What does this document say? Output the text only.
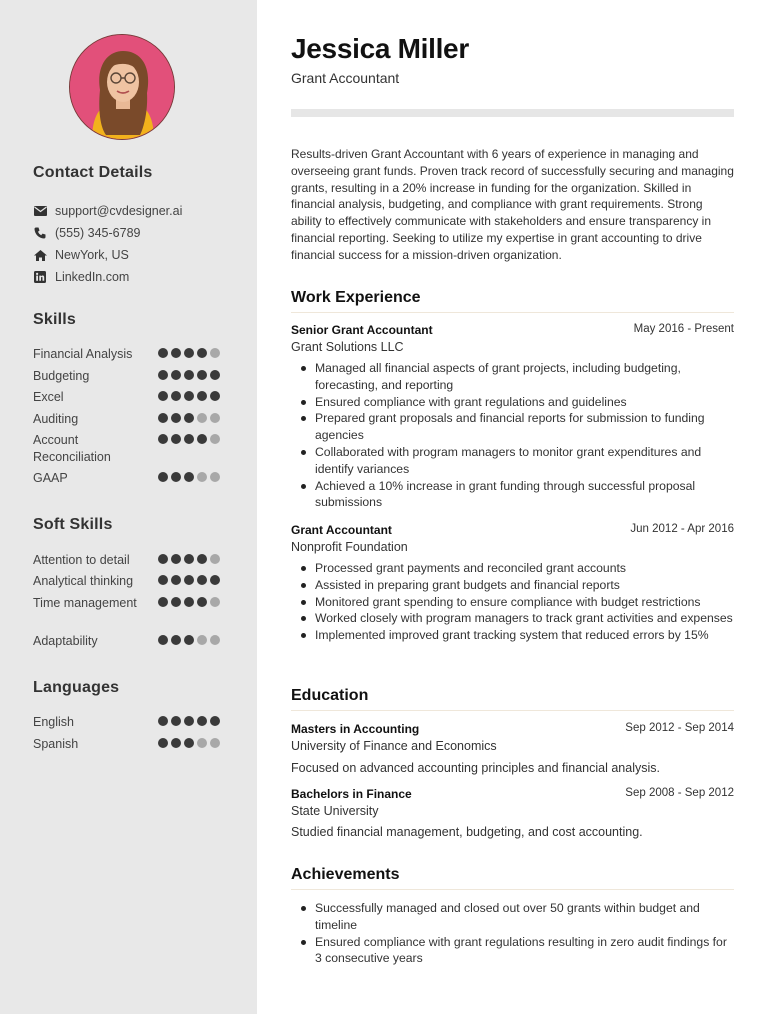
Contact Details
support@cvdesigner.ai
(555) 345-6789
NewYork, US
LinkedIn.com
Skills
Financial Analysis
Budgeting
Excel
Auditing
Account Reconciliation
GAAP
Soft Skills
Attention to detail
Analytical thinking
Time management
Adaptability
Languages
English
Spanish
Jessica Miller
Grant Accountant
Results-driven Grant Accountant with 6 years of experience in managing and overseeing grant funds. Proven track record of successfully securing and managing grants, resulting in a 20% increase in funding for the organization. Skilled in financial analysis, budgeting, and compliance with grant requirements. Strong ability to effectively communicate with stakeholders and ensure transparency in financial reporting. Seeking to utilize my expertise in grant accounting to drive financial success for a mission-driven organization.
Work Experience
Senior Grant Accountant	May 2016 - Present
Grant Solutions LLC
Managed all financial aspects of grant projects, including budgeting, forecasting, and reporting
Ensured compliance with grant regulations and guidelines
Prepared grant proposals and financial reports for submission to funding agencies
Collaborated with program managers to monitor grant expenditures and identify variances
Achieved a 10% increase in grant funding through successful proposal submissions
Grant Accountant	Jun 2012 - Apr 2016
Nonprofit Foundation
Processed grant payments and reconciled grant accounts
Assisted in preparing grant budgets and financial reports
Monitored grant spending to ensure compliance with budget restrictions
Worked closely with program managers to track grant activities and expenses
Implemented improved grant tracking system that reduced errors by 15%
Education
Masters in Accounting	Sep 2012 - Sep 2014
University of Finance and Economics
Focused on advanced accounting principles and financial analysis.
Bachelors in Finance	Sep 2008 - Sep 2012
State University
Studied financial management, budgeting, and cost accounting.
Achievements
Successfully managed and closed out over 50 grants within budget and timeline
Ensured compliance with grant regulations resulting in zero audit findings for 3 consecutive years
